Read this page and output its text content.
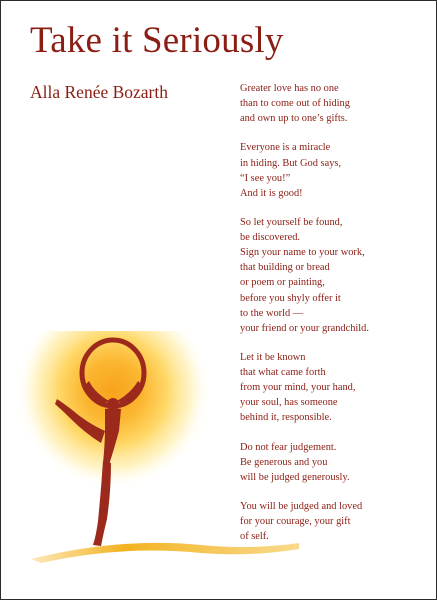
Take it Seriously
Alla Renée Bozarth	Greater love has no one
than to come out of hiding
and own up to one’s gifts.
Everyone is a miracle
in hiding. But God says,
“I see you!”
And it is good!
So let yourself be found,
be discovered.
Sign your name to your work,
that building or bread
or poem or painting,
before you shyly offer it
to the world —
your friend or your grandchild.
Let it be known
that what came forth
from your mind, your hand,
your soul, has someone
behind it, responsible.
Do not fear judgement.
Be generous and you
will be judged generously.
You will be judged and loved
for your courage, your gift
of self.
